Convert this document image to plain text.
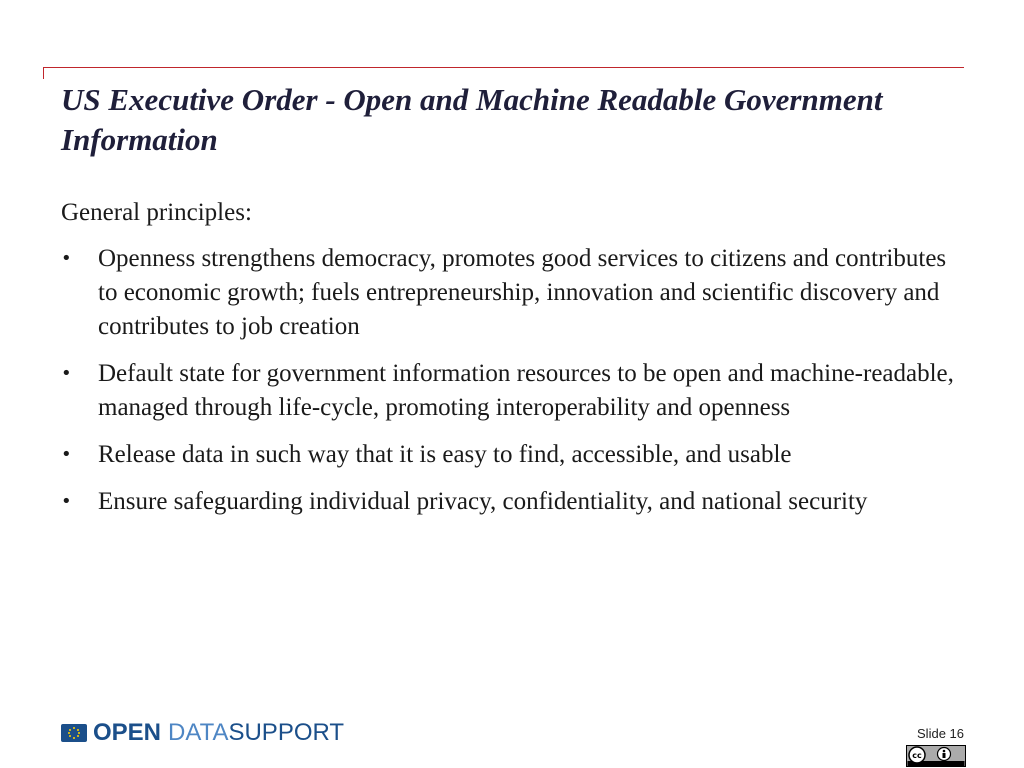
US Executive Order - Open and Machine Readable Government Information

General principles:

•	Openness strengthens democracy, promotes good services to citizens and contributes to economic growth; fuels entrepreneurship, innovation and scientific discovery and contributes to job creation
•	Default state for government information resources to be open and machine-readable, managed through life-cycle, promoting interoperability and openness
•	Release data in such way that it is easy to find, accessible, and usable
•	Ensure safeguarding individual privacy, confidentiality, and national security
OPEN DATA SUPPORT	Slide 16
cc
